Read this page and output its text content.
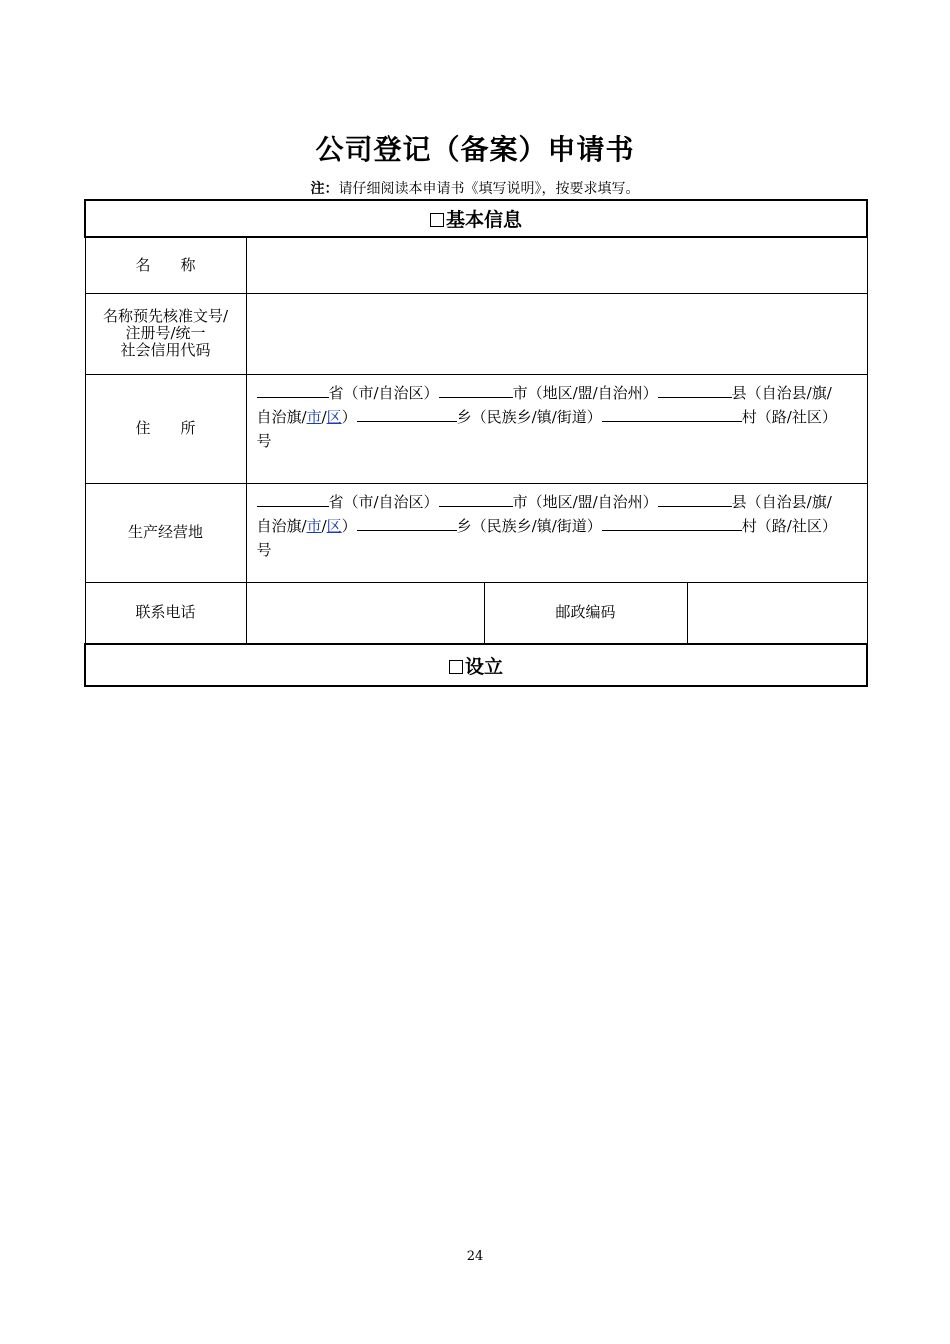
公司登记（备案）申请书
注：请仔细阅读本申请书《填写说明》，按要求填写。
基本信息			
名　　称			

名称预先核准文号/
注册号/统一
社会信用代码			

住　　所	省（市/自治区） 市（地区/盟/自治州） 县（自治县/旗/
自治旗/市/区） 乡（民族乡/镇/街道） 村（路/社区）
号		
生产经营地	省（市/自治区） 市（地区/盟/自治州） 县（自治县/旗/
自治旗/市/区） 乡（民族乡/镇/街道） 村（路/社区）
号		
联系电话		邮政编码	
设立			
24
